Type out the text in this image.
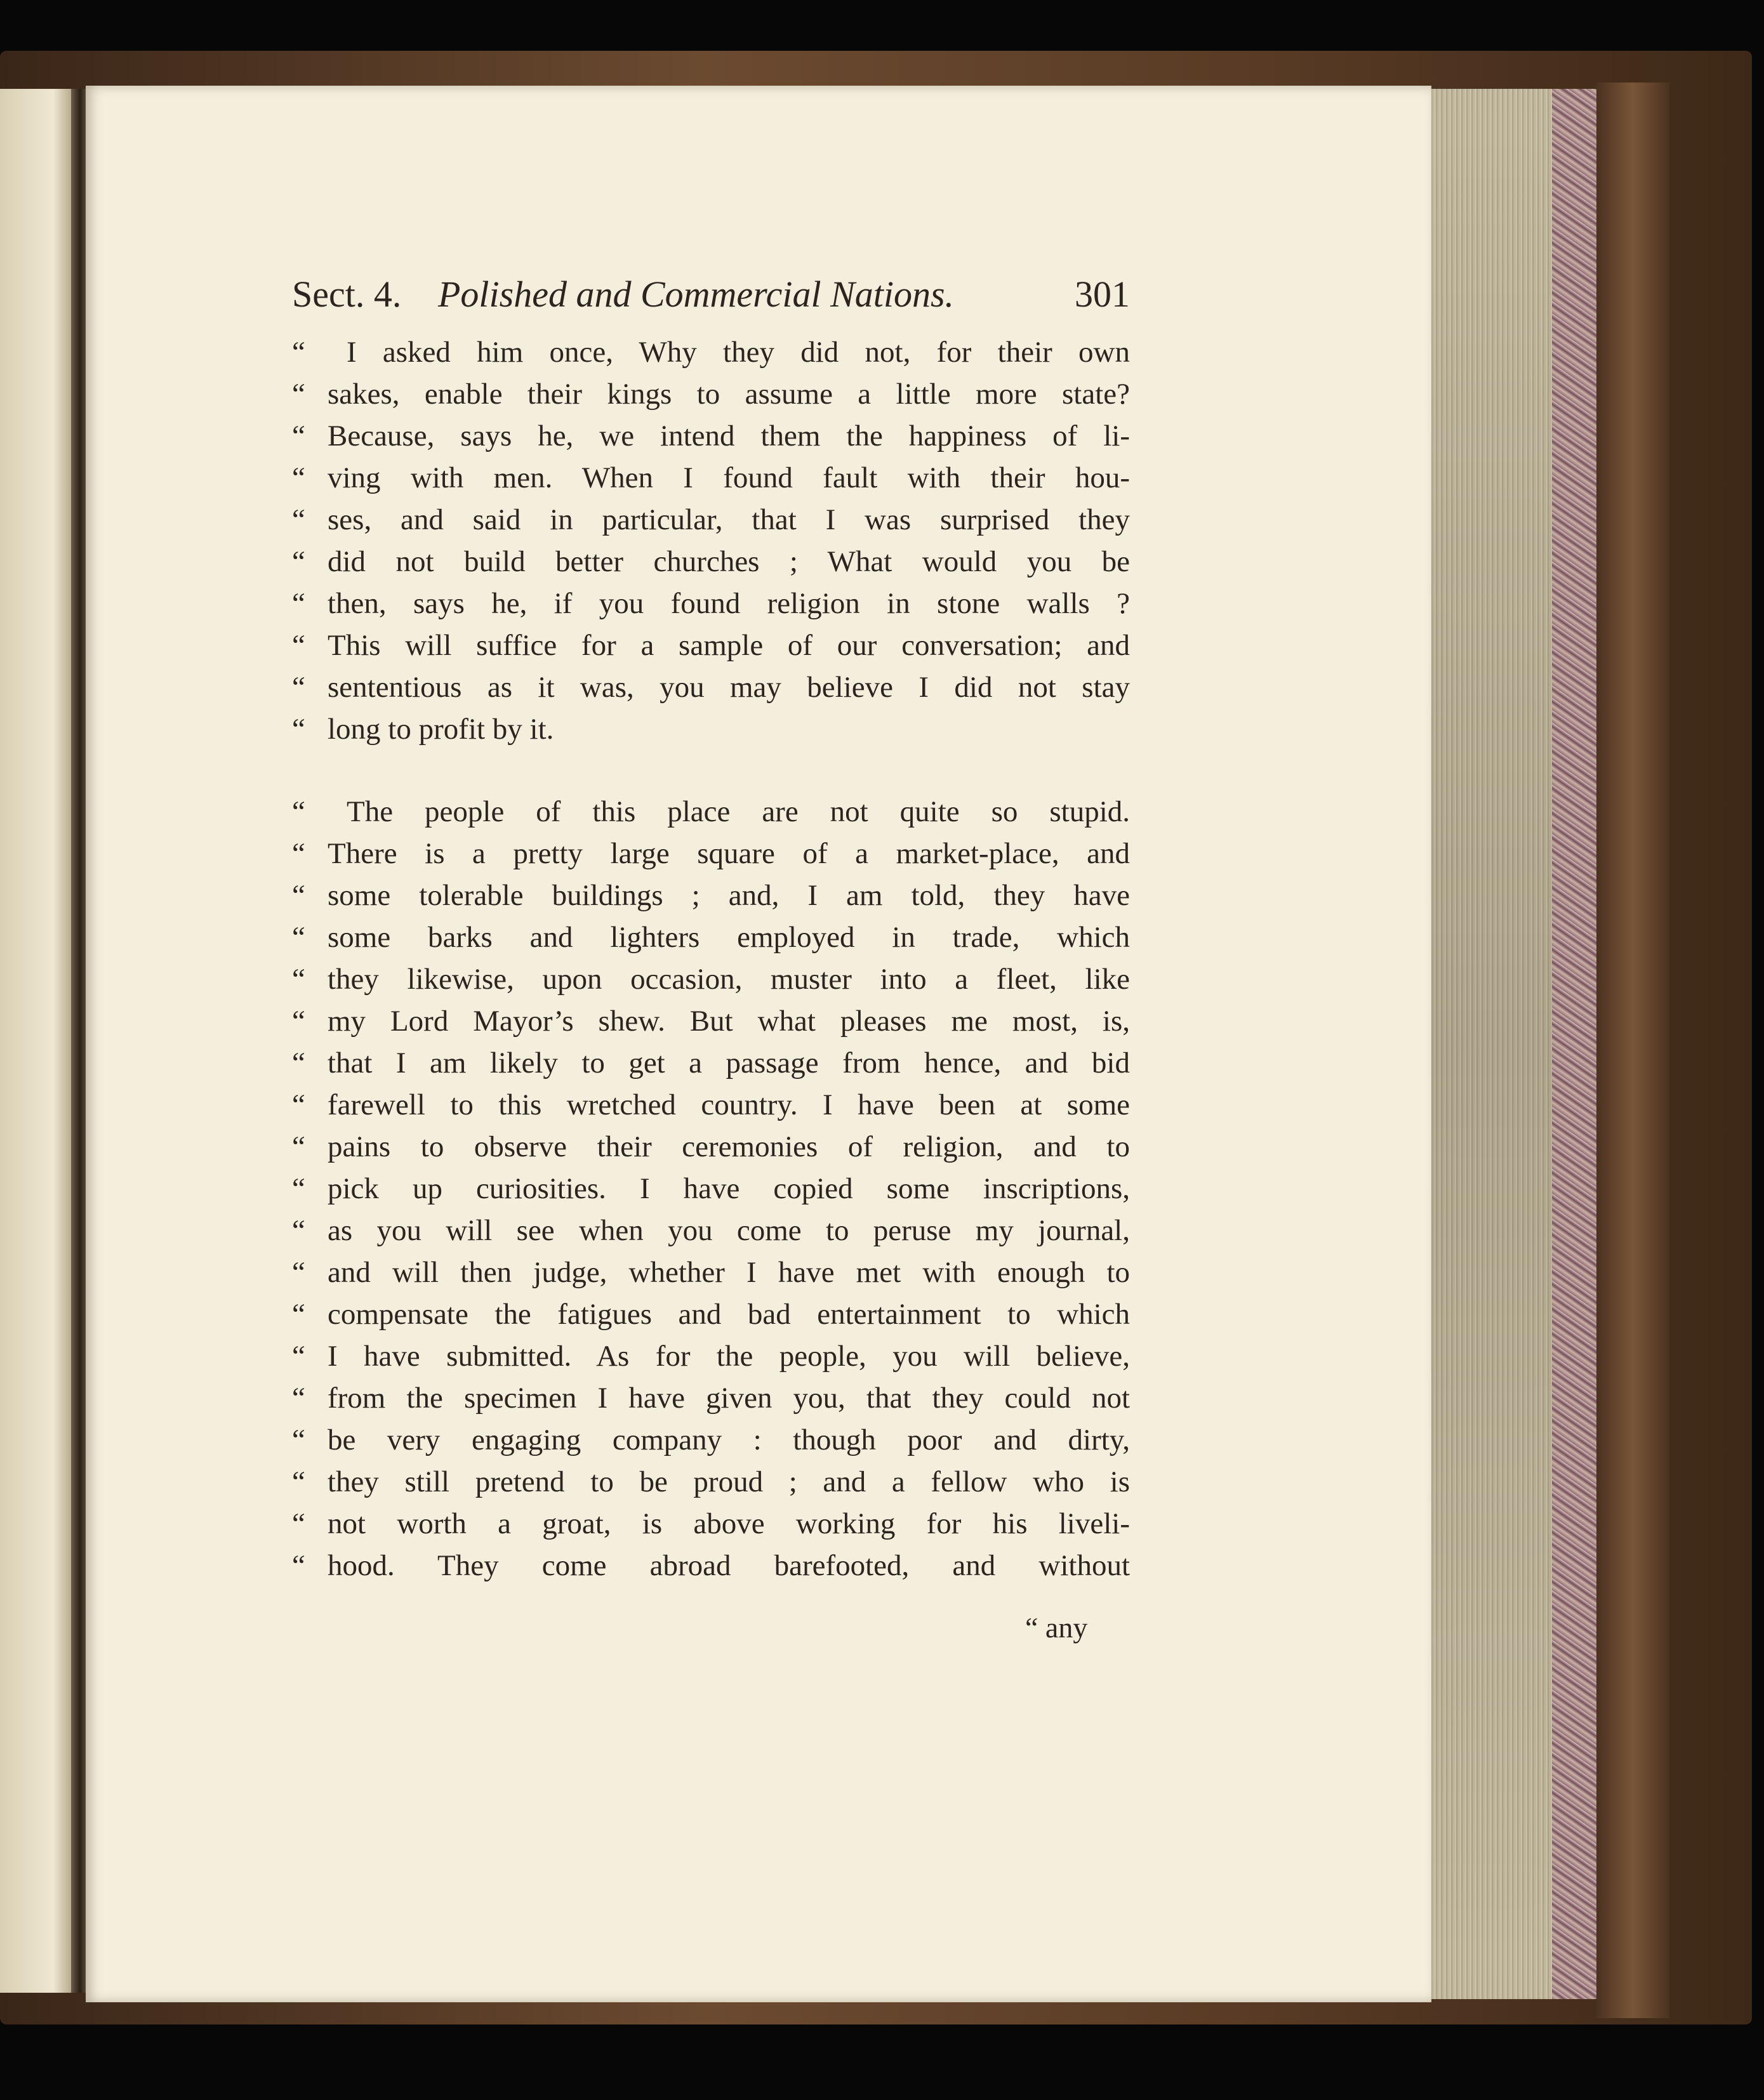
Sect. 4. Polished and Commercial Nations.	301
“	I asked him once, Why they did not, for their own
“ sakes, enable their kings to assume a little more state?
“ Because, says he, we intend them the happiness of li-
“ ving with men. When I found fault with their hou-
“ ses, and said in particular, that I was surprised they
“ did not build better churches ; What would you be
“ then, says he, if you found religion in stone walls ?
“ This will suffice for a sample of our conversation; and
“ sententious as it was, you may believe I did not stay
“ long to profit by it.
“	The people of this place are not quite so stupid.
“ There is a pretty large square of a market-place, and
“ some tolerable buildings ; and, I am told, they have
“ some barks and lighters employed in trade, which
“ they likewise, upon occasion, muster into a fleet, like
“ my Lord Mayor’s shew. But what pleases me most, is,
“ that I am likely to get a passage from hence, and bid
“ farewell to this wretched country. I have been at some
“ pains to observe their ceremonies of religion, and to
“ pick up curiosities. I have copied some inscriptions,
“ as you will see when you come to peruse my journal,
“ and will then judge, whether I have met with enough to
“ compensate the fatigues and bad entertainment to which
“ I have submitted. As for the people, you will believe,
“ from the specimen I have given you, that they could not
“ be very engaging company : though poor and dirty,
“ they still pretend to be proud ; and a fellow who is
“ not worth a groat, is above working for his liveli-
“ hood. They come abroad barefooted, and without
“ any
